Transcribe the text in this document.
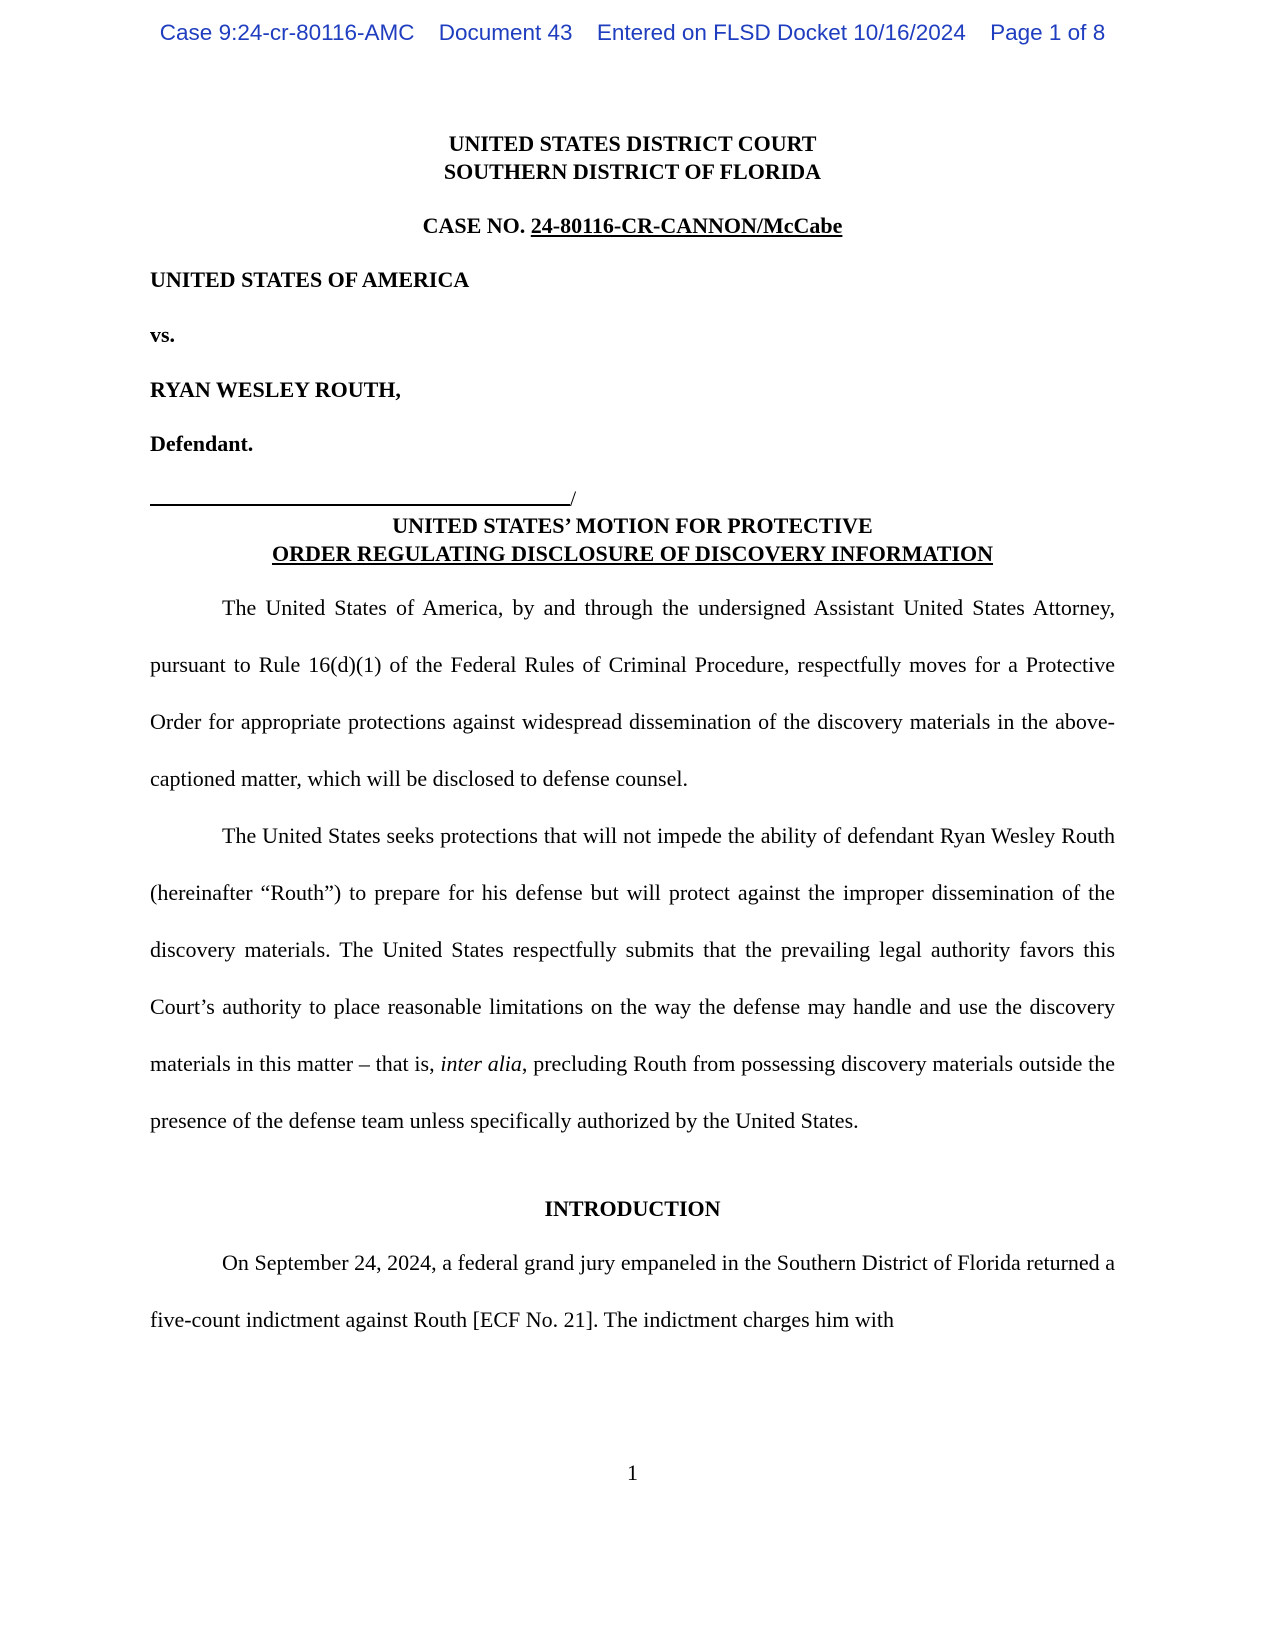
Case 9:24-cr-80116-AMC Document 43 Entered on FLSD Docket 10/16/2024 Page 1 of 8
UNITED STATES DISTRICT COURT
SOUTHERN DISTRICT OF FLORIDA
CASE NO. 24-80116-CR-CANNON/McCabe
UNITED STATES OF AMERICA
vs.
RYAN WESLEY ROUTH,
Defendant.
/
UNITED STATES’ MOTION FOR PROTECTIVE
ORDER REGULATING DISCLOSURE OF DISCOVERY INFORMATION

The United States of America, by and through the undersigned Assistant United States Attorney, pursuant to Rule 16(d)(1) of the Federal Rules of Criminal Procedure, respectfully moves for a Protective Order for appropriate protections against widespread dissemination of the discovery materials in the above-captioned matter, which will be disclosed to defense counsel.

The United States seeks protections that will not impede the ability of defendant Ryan Wesley Routh (hereinafter “Routh”) to prepare for his defense but will protect against the improper dissemination of the discovery materials. The United States respectfully submits that the prevailing legal authority favors this Court’s authority to place reasonable limitations on the way the defense may handle and use the discovery materials in this matter – that is, inter alia, precluding Routh from possessing discovery materials outside the presence of the defense team unless specifically authorized by the United States.

INTRODUCTION

On September 24, 2024, a federal grand jury empaneled in the Southern District of Florida returned a five-count indictment against Routh [ECF No. 21]. The indictment charges him with

1
